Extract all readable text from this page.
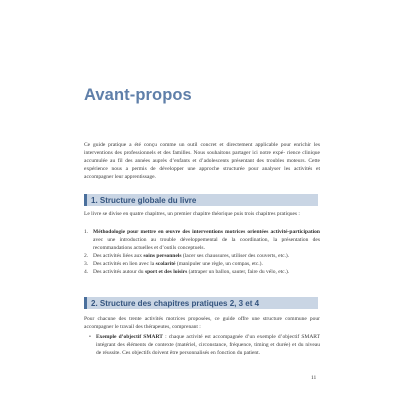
Avant-propos

Ce guide pratique a été conçu comme un outil concret et directement applicable pour enrichir les interventions des professionnels et des familles. Nous souhaitons partager ici notre expé- rience clinique accumulée au fil des années auprès d’enfants et d’adolescents présentant des troubles moteurs. Cette expérience nous a permis de développer une approche structurée pour analyser les activités et accompagner leur apprentissage.

1. Structure globale du livre

Le livre se divise en quatre chapitres, un premier chapitre théorique puis trois chapitres pratiques :

1. Méthodologie pour mettre en œuvre des interventions motrices orientées activité-participation avec une introduction au trouble développemental de la coordination, la présentation des recommandations actuelles et d’outils conceptuels.
2. Des activités liées aux soins personnels (lacer ses chaussures, utiliser des couverts, etc.).
3. Des activités en lien avec la scolarité (manipuler une règle, un compas, etc.).
4. Des activités autour du sport et des loisirs (attraper un ballon, sauter, faire du vélo, etc.).
2. Structure des chapitres pratiques 2, 3 et 4

Pour chacune des trente activités motrices proposées, ce guide offre une structure commune pour accompagner le travail des thérapeutes, comprenant :

• Exemple d’objectif SMART : chaque activité est accompagnée d’un exemple d’objectif SMART intégrant des éléments de contexte (matériel, circonstance, fréquence, timing et durée) et du niveau de réussite. Ces objectifs doivent être personnalisés en fonction du patient.
11
